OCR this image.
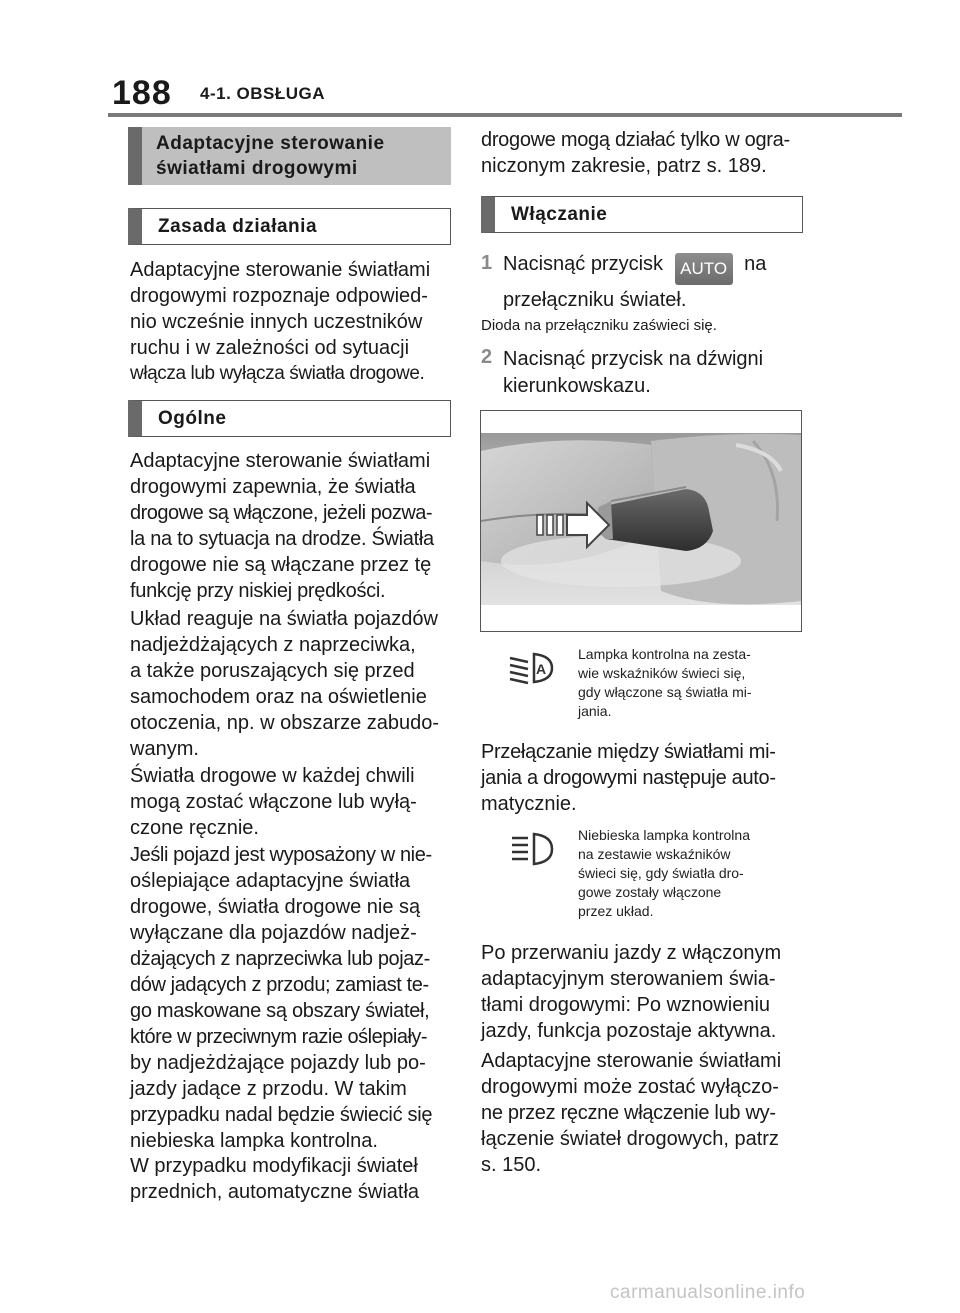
188 4-1. OBSŁUGA
Adaptacyjne sterowanie
światłami drogowymi
Zasada działania
Adaptacyjne sterowanie światłami
drogowymi rozpoznaje odpowied-
nio wcześnie innych uczestników
ruchu i w zależności od sytuacji
włącza lub wyłącza światła drogowe.
Ogólne
Adaptacyjne sterowanie światłami
drogowymi zapewnia, że światła
drogowe są włączone, jeżeli pozwa-
la na to sytuacja na drodze. Światła
drogowe nie są włączane przez tę
funkcję przy niskiej prędkości.
Układ reaguje na światła pojazdów
nadjeżdżających z naprzeciwka,
a także poruszających się przed
samochodem oraz na oświetlenie
otoczenia, np. w obszarze zabudo-
wanym.
Światła drogowe w każdej chwili
mogą zostać włączone lub wyłą-
czone ręcznie.
Jeśli pojazd jest wyposażony w nie-
oślepiające adaptacyjne światła
drogowe, światła drogowe nie są
wyłączane dla pojazdów nadjeż-
dżających z naprzeciwka lub pojaz-
dów jadących z przodu; zamiast te-
go maskowane są obszary świateł,
które w przeciwnym razie oślepiały-
by nadjeżdżające pojazdy lub po-
jazdy jadące z przodu. W takim
przypadku nadal będzie świecić się
niebieska lampka kontrolna.
W przypadku modyfikacji świateł
przednich, automatyczne światła
drogowe mogą działać tylko w ogra-
niczonym zakresie, patrz s. 189.
Włączanie
1 Nacisnąć przycisk AUTO na
przełączniku świateł.
Dioda na przełączniku zaświeci się.
2 Nacisnąć przycisk na dźwigni
kierunkowskazu.
A
Lampka kontrolna na zesta-
wie wskaźników świeci się,
gdy włączone są światła mi-
jania.
Przełączanie między światłami mi-
jania a drogowymi następuje auto-
matycznie.
Niebieska lampka kontrolna
na zestawie wskaźników
świeci się, gdy światła dro-
gowe zostały włączone
przez układ.
Po przerwaniu jazdy z włączonym
adaptacyjnym sterowaniem świa-
tłami drogowymi: Po wznowieniu
jazdy, funkcja pozostaje aktywna.
Adaptacyjne sterowanie światłami
drogowymi może zostać wyłączo-
ne przez ręczne włączenie lub wy-
łączenie świateł drogowych, patrz
s. 150.
carmanualsonline.info
